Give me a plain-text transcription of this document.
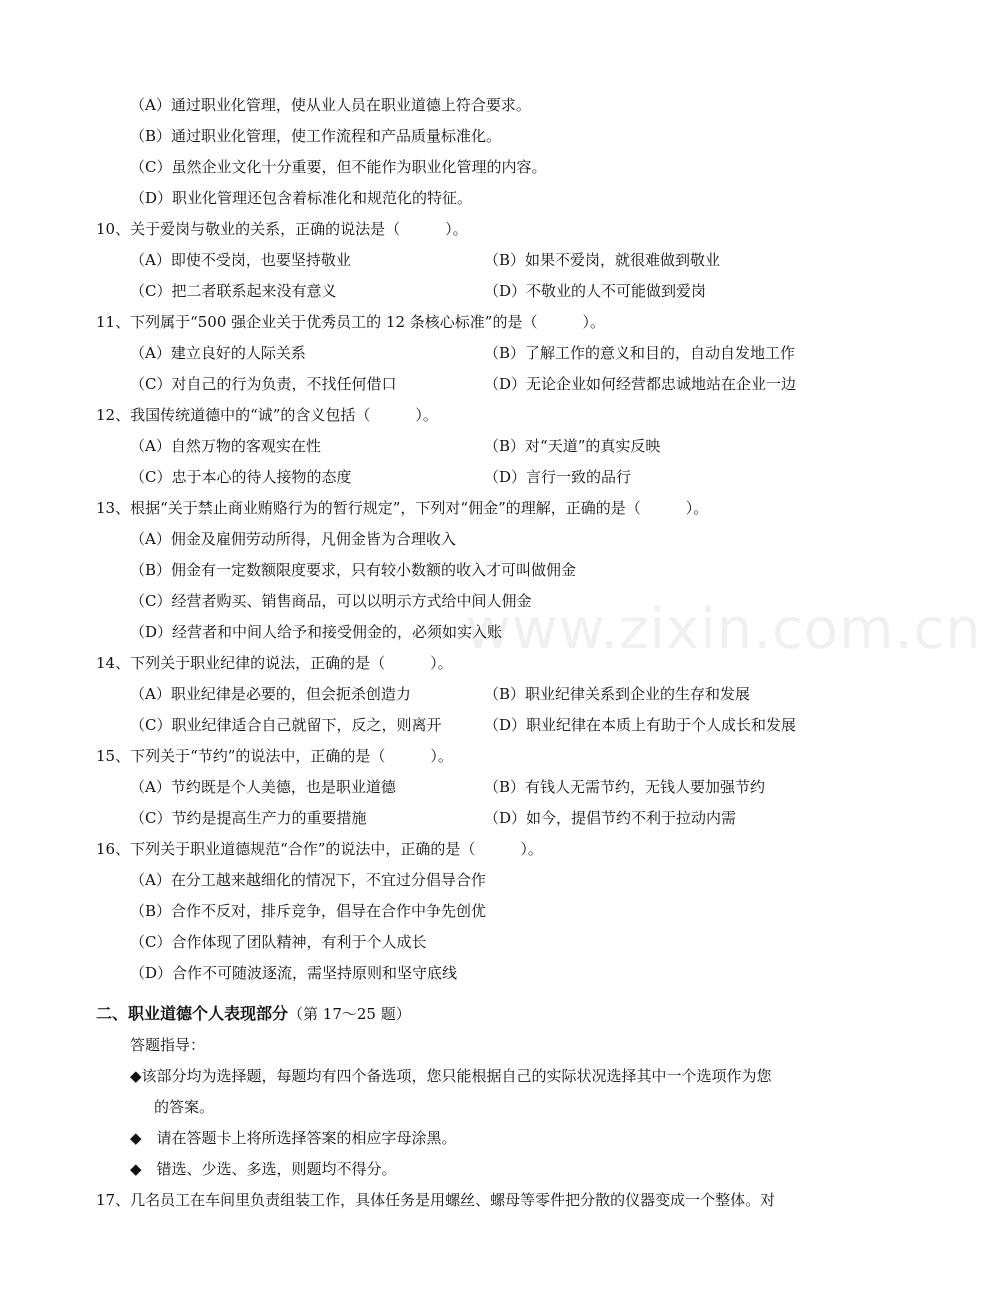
www.zixin.com.cn
（A）通过职业化管理，使从业人员在职业道德上符合要求。
（B）通过职业化管理，使工作流程和产品质量标准化。
（C）虽然企业文化十分重要，但不能作为职业化管理的内容。
（D）职业化管理还包含着标准化和规范化的特征。
10、关于爱岗与敬业的关系，正确的说法是（　　　）。
（A）即使不受岗，也要坚持敬业	（B）如果不爱岗，就很难做到敬业
（C）把二者联系起来没有意义	（D）不敬业的人不可能做到爱岗
11、下列属于“500 强企业关于优秀员工的 12 条核心标准”的是（　　　）。
（A）建立良好的人际关系	（B）了解工作的意义和目的，自动自发地工作
（C）对自己的行为负责，不找任何借口	（D）无论企业如何经营都忠诚地站在企业一边
12、我国传统道德中的“诚”的含义包括（　　　）。
（A）自然万物的客观实在性	（B）对“天道”的真实反映
（C）忠于本心的待人接物的态度	（D）言行一致的品行
13、根据“关于禁止商业贿赂行为的暂行规定”，下列对“佣金”的理解，正确的是（　　　）。
（A）佣金及雇佣劳动所得，凡佣金皆为合理收入
（B）佣金有一定数额限度要求，只有较小数额的收入才可叫做佣金
（C）经营者购买、销售商品，可以以明示方式给中间人佣金
（D）经营者和中间人给予和接受佣金的，必须如实入账
14、下列关于职业纪律的说法，正确的是（　　　）。
（A）职业纪律是必要的，但会扼杀创造力	（B）职业纪律关系到企业的生存和发展
（C）职业纪律适合自己就留下，反之，则离开	（D）职业纪律在本质上有助于个人成长和发展
15、下列关于“节约”的说法中，正确的是（　　　）。
（A）节约既是个人美德，也是职业道德	（B）有钱人无需节约，无钱人要加强节约
（C）节约是提高生产力的重要措施	（D）如今，提倡节约不利于拉动内需
16、下列关于职业道德规范“合作”的说法中，正确的是（　　　）。
（A）在分工越来越细化的情况下，不宜过分倡导合作
（B）合作不反对，排斥竞争，倡导在合作中争先创优
（C）合作体现了团队精神，有利于个人成长
（D）合作不可随波逐流，需坚持原则和坚守底线
二、职业道德个人表现部分（第 17～25 题）
答题指导：
◆该部分均为选择题，每题均有四个备选项，您只能根据自己的实际状况选择其中一个选项作为您
的答案。
◆　请在答题卡上将所选择答案的相应字母涂黑。
◆　错选、少选、多选，则题均不得分。
17、几名员工在车间里负责组装工作，具体任务是用螺丝、螺母等零件把分散的仪器变成一个整体。对
